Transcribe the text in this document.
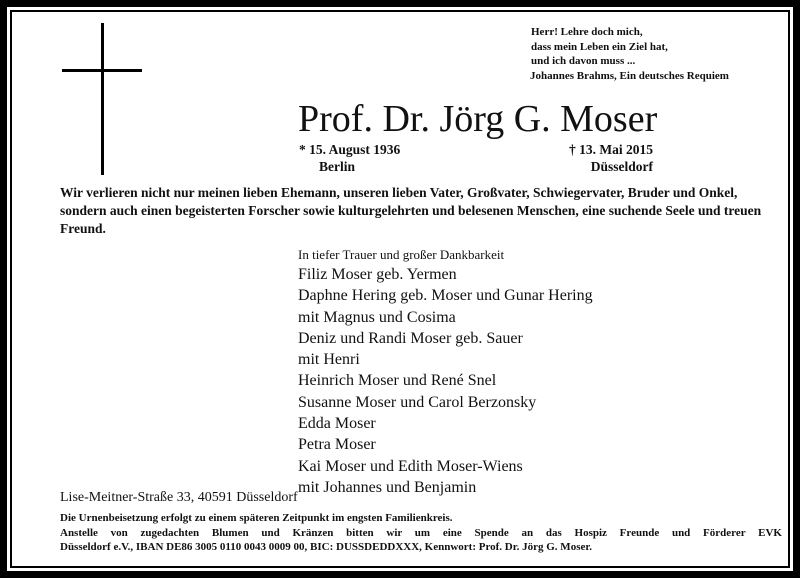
Herr! Lehre doch mich,
dass mein Leben ein Ziel hat,
und ich davon muss ...
Johannes Brahms, Ein deutsches Requiem
Prof. Dr. Jörg G. Moser
* 15. August 1936
Berlin
† 13. Mai 2015
Düsseldorf
Wir verlieren nicht nur meinen lieben Ehemann, unseren lieben Vater, Großvater, Schwiegervater, Bruder und Onkel, sondern auch einen begeisterten Forscher sowie kulturgelehrten und belesenen Menschen, eine suchende Seele und treuen Freund.
In tiefer Trauer und großer Dankbarkeit
Filiz Moser geb. Yermen
Daphne Hering geb. Moser und Gunar Hering
mit Magnus und Cosima
Deniz und Randi Moser geb. Sauer
mit Henri
Heinrich Moser und René Snel
Susanne Moser und Carol Berzonsky
Edda Moser
Petra Moser
Kai Moser und Edith Moser-Wiens
mit Johannes und Benjamin
Lise-Meitner-Straße 33, 40591 Düsseldorf
Die Urnenbeisetzung erfolgt zu einem späteren Zeitpunkt im engsten Familienkreis.
Anstelle von zugedachten Blumen und Kränzen bitten wir um eine Spende an das Hospiz Freunde und Förderer EVK
Düsseldorf e.V., IBAN DE86 3005 0110 0043 0009 00, BIC: DUSSDEDDXXX, Kennwort: Prof. Dr. Jörg G. Moser.
